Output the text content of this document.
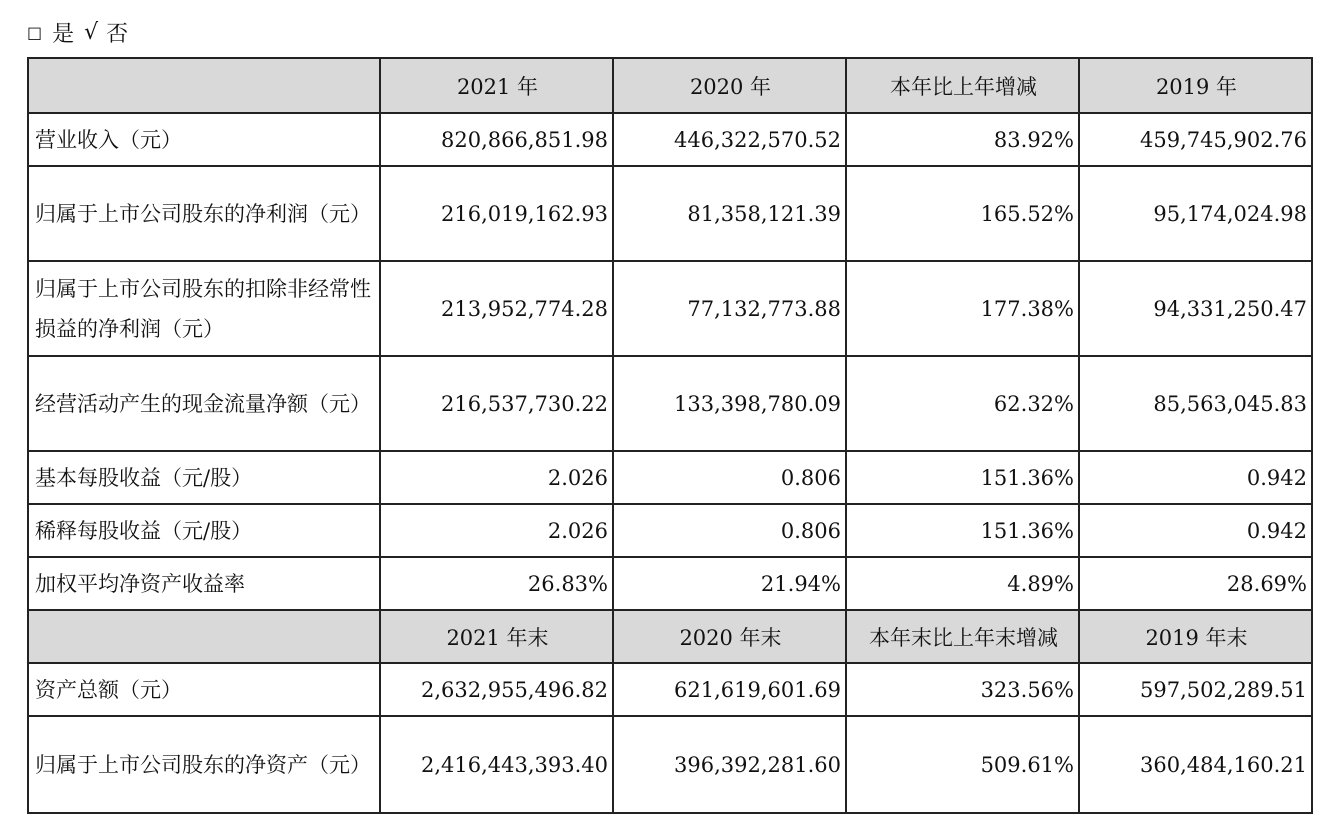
□ 是 √ 否
	2021 年	2020 年	本年比上年增减	2019 年
营业收入（元）	820,866,851.98	446,322,570.52	83.92%	459,745,902.76
归属于上市公司股东的净利润（元）	216,019,162.93	81,358,121.39	165.52%	95,174,024.98
归属于上市公司股东的扣除非经常性损益的净利润（元）	213,952,774.28	77,132,773.88	177.38%	94,331,250.47
经营活动产生的现金流量净额（元）	216,537,730.22	133,398,780.09	62.32%	85,563,045.83
基本每股收益（元/股）	2.026	0.806	151.36%	0.942
稀释每股收益（元/股）	2.026	0.806	151.36%	0.942
加权平均净资产收益率	26.83%	21.94%	4.89%	28.69%
	2021 年末	2020 年末	本年末比上年末增减	2019 年末
资产总额（元）	2,632,955,496.82	621,619,601.69	323.56%	597,502,289.51
归属于上市公司股东的净资产（元）	2,416,443,393.40	396,392,281.60	509.61%	360,484,160.21
